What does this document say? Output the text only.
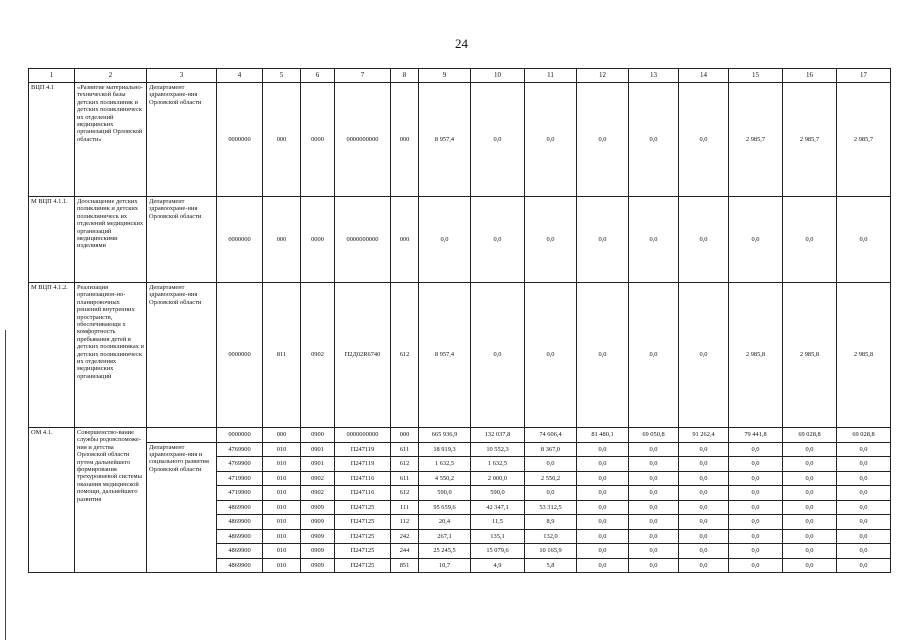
24
1	2	3	4	5	6	7	8	9	10	11	12	13	14	15	16	17
ВЦП 4.1	«Развитие материально-технической базы детских поликлиник и детских поликлиническ их отделений медицинских организаций Орловской области»	Департамент здравоохране-ния Орловской области	0000000	000	0000	0000000000	000	8 957,4	0,0	0,0	0,0	0,0	0,0	2 985,7	2 985,7	2 985,7
М ВЦП 4.1.1.	Дооснащение детских поликлиник и детских поликлиническ их отделений медицинских организаций медицинскими изделиями	Департамент здравоохране-ния Орловской области	0000000	000	0000	0000000000	000	0,0	0,0	0,0	0,0	0,0	0,0	0,0	0,0	0,0
М ВЦП 4.1.2.	Реализация организацион-но-планировочных решений внутренних пространств, обеспечивающи х комфортность пребывания детей в детских поликлиниках и детских поликлиническ их отделениях медицинских организаций	Департамент здравоохране-ния Орловской области	0000000	811	0902	П2Д02R6740	612	8 957,4	0,0	0,0	0,0	0,0	0,0	2 985,8	2 985,8	2 985,8
ОМ 4.1.	Совершенство-вание службы родовспоможе-ния и детства Орловской области путем дальнейшего формирования трехуровневой системы оказания медицинской помощи, дальнейшего развития		0000000	000	0900	0000000000	000	665 936,9	132 037,8	74 606,4	81 480,1	69 050,8	91 262,4	79 441,8	69 028,8	69 028,8
		Департамент здравоохране-ния и социального развития Орловской области	4769900	010	0901	П247119	611	18 919,3	10 552,3	8 367,0	0,0	0,0	0,0	0,0	0,0	0,0
			4769900	010	0901	П247119	612	1 632,5	1 632,5	0,0	0,0	0,0	0,0	0,0	0,0	0,0
			4719900	010	0902	П247116	611	4 550,2	2 000,0	2 550,2	0,0	0,0	0,0	0,0	0,0	0,0
			4719900	010	0902	П247116	612	590,0	590,0	0,0	0,0	0,0	0,0	0,0	0,0	0,0
			4869900	010	0909	П247125	111	95 659,6	42 347,1	53 312,5	0,0	0,0	0,0	0,0	0,0	0,0
			4869900	010	0909	П247125	112	20,4	11,5	8,9	0,0	0,0	0,0	0,0	0,0	0,0
			4869900	010	0909	П247125	242	267,1	135,1	132,0	0,0	0,0	0,0	0,0	0,0	0,0
			4869900	010	0909	П247125	244	25 245,5	15 079,6	10 165,9	0,0	0,0	0,0	0,0	0,0	0,0
			4869900	010	0909	П247125	851	10,7	4,9	5,8	0,0	0,0	0,0	0,0	0,0	0,0
